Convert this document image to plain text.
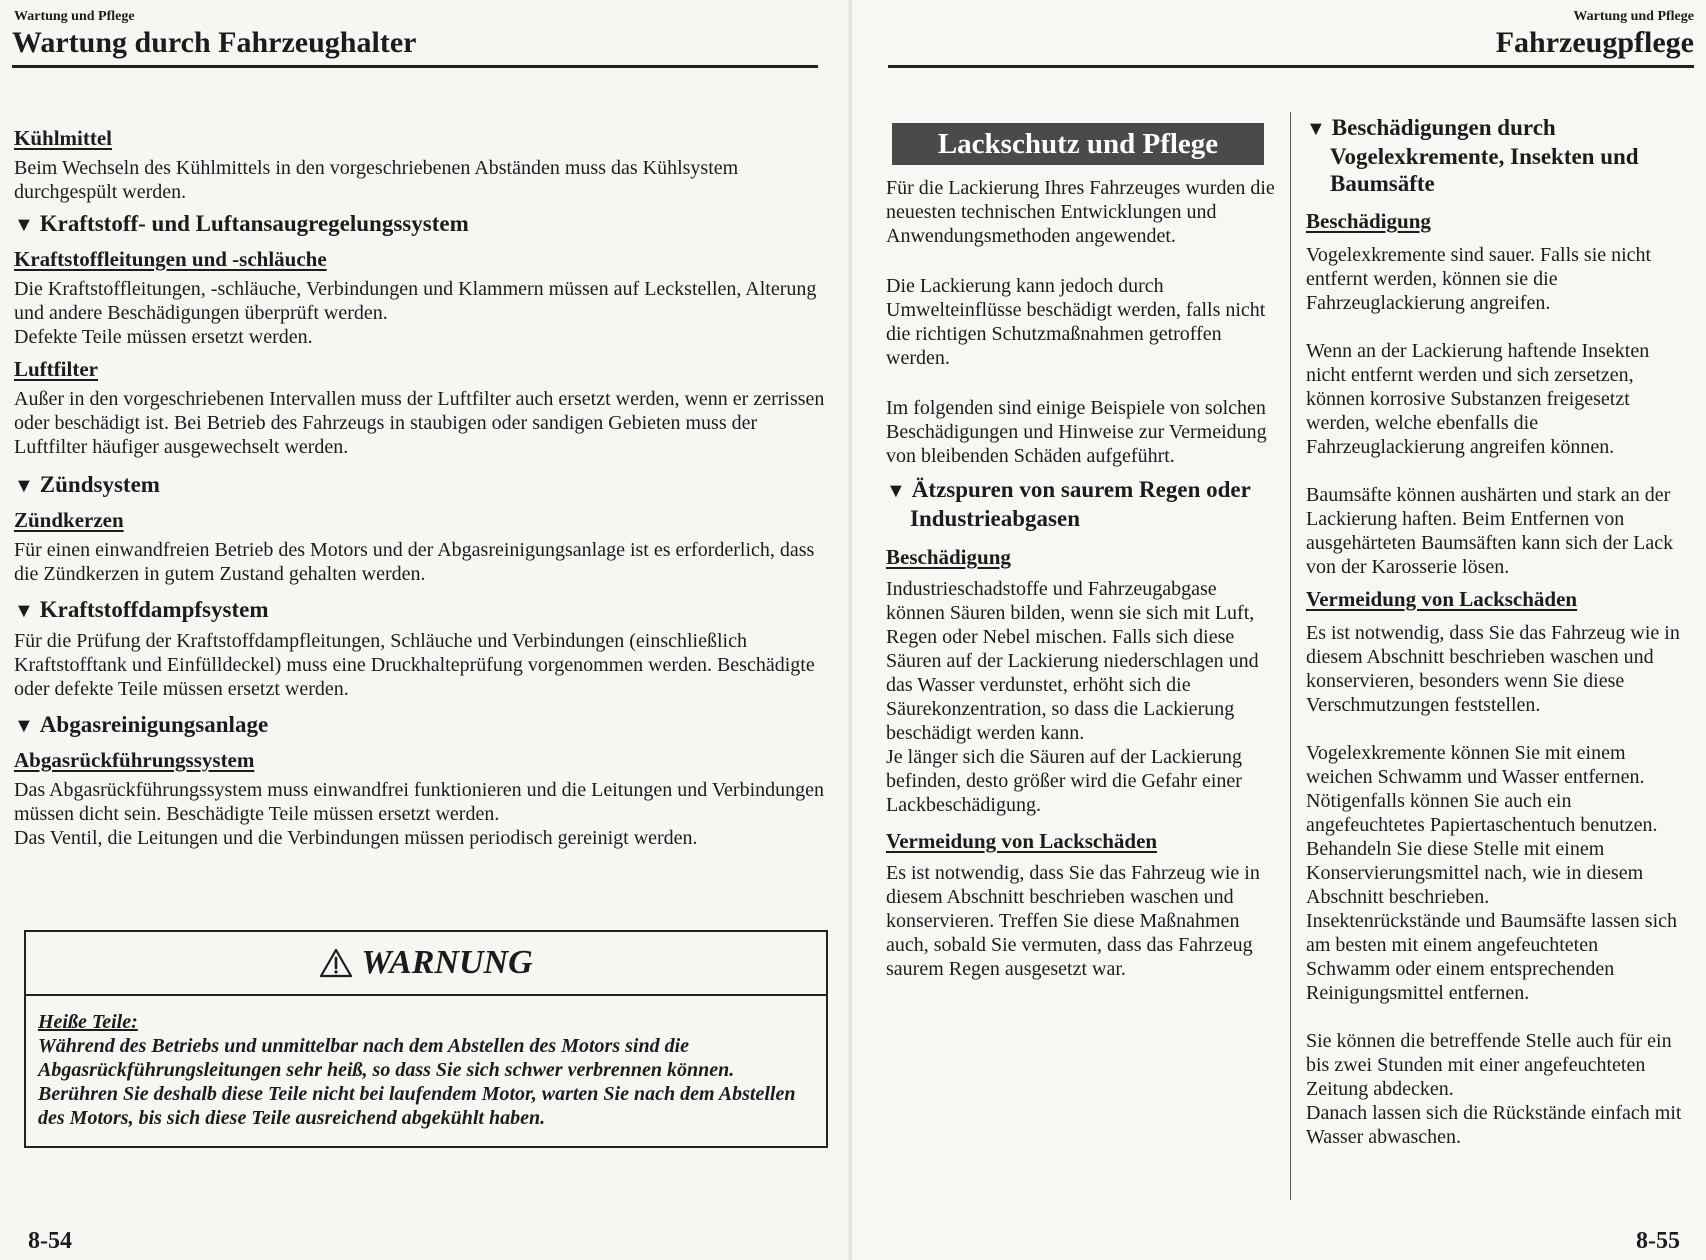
Wartung und Pflege
Wartung durch Fahrzeughalter
Kühlmittel
Beim Wechseln des Kühlmittels in den vorgeschriebenen Abständen muss das Kühlsystem durchgespült werden.
▼ Kraftstoff- und Luftansaugregelungssystem
Kraftstoffleitungen und -schläuche
Die Kraftstoffleitungen, -schläuche, Verbindungen und Klammern müssen auf Leckstellen, Alterung und andere Beschädigungen überprüft werden.
Defekte Teile müssen ersetzt werden.
Luftfilter
Außer in den vorgeschriebenen Intervallen muss der Luftfilter auch ersetzt werden, wenn er zerrissen oder beschädigt ist. Bei Betrieb des Fahrzeugs in staubigen oder sandigen Gebieten muss der Luftfilter häufiger ausgewechselt werden.
▼ Zündsystem
Zündkerzen
Für einen einwandfreien Betrieb des Motors und der Abgasreinigungsanlage ist es erforderlich, dass die Zündkerzen in gutem Zustand gehalten werden.
▼ Kraftstoffdampfsystem
Für die Prüfung der Kraftstoffdampfleitungen, Schläuche und Verbindungen (einschließlich Kraftstofftank und Einfülldeckel) muss eine Druckhalteprüfung vorgenommen werden. Beschädigte oder defekte Teile müssen ersetzt werden.
▼ Abgasreinigungsanlage
Abgasrückführungssystem
Das Abgasrückführungssystem muss einwandfrei funktionieren und die Leitungen und Verbindungen müssen dicht sein. Beschädigte Teile müssen ersetzt werden.
Das Ventil, die Leitungen und die Verbindungen müssen periodisch gereinigt werden.
WARNUNG
Heiße Teile:
Während des Betriebs und unmittelbar nach dem Abstellen des Motors sind die Abgasrückführungsleitungen sehr heiß, so dass Sie sich schwer verbrennen können. Berühren Sie deshalb diese Teile nicht bei laufendem Motor, warten Sie nach dem Abstellen des Motors, bis sich diese Teile ausreichend abgekühlt haben.
8-54
Wartung und Pflege
Fahrzeugpflege
Lackschutz und Pflege
Für die Lackierung Ihres Fahrzeuges wurden die neuesten technischen Entwicklungen und Anwendungsmethoden angewendet.
Die Lackierung kann jedoch durch Umwelteinflüsse beschädigt werden, falls nicht die richtigen Schutzmaßnahmen getroffen werden.
Im folgenden sind einige Beispiele von solchen Beschädigungen und Hinweise zur Vermeidung von bleibenden Schäden aufgeführt.
▼ Ätzspuren von saurem Regen oder Industrieabgasen
Beschädigung
Industrieschadstoffe und Fahrzeugabgase können Säuren bilden, wenn sie sich mit Luft, Regen oder Nebel mischen. Falls sich diese Säuren auf der Lackierung niederschlagen und das Wasser verdunstet, erhöht sich die Säurekonzentration, so dass die Lackierung beschädigt werden kann.
Je länger sich die Säuren auf der Lackierung befinden, desto größer wird die Gefahr einer Lackbeschädigung.
Vermeidung von Lackschäden
Es ist notwendig, dass Sie das Fahrzeug wie in diesem Abschnitt beschrieben waschen und konservieren. Treffen Sie diese Maßnahmen auch, sobald Sie vermuten, dass das Fahrzeug saurem Regen ausgesetzt war.
▼ Beschädigungen durch Vogelexkremente, Insekten und Baumsäfte
Beschädigung
Vogelexkremente sind sauer. Falls sie nicht entfernt werden, können sie die Fahrzeuglackierung angreifen.
Wenn an der Lackierung haftende Insekten nicht entfernt werden und sich zersetzen, können korrosive Substanzen freigesetzt werden, welche ebenfalls die Fahrzeuglackierung angreifen können.
Baumsäfte können aushärten und stark an der Lackierung haften. Beim Entfernen von ausgehärteten Baumsäften kann sich der Lack von der Karosserie lösen.
Vermeidung von Lackschäden
Es ist notwendig, dass Sie das Fahrzeug wie in diesem Abschnitt beschrieben waschen und konservieren, besonders wenn Sie diese Verschmutzungen feststellen.
Vogelexkremente können Sie mit einem weichen Schwamm und Wasser entfernen. Nötigenfalls können Sie auch ein angefeuchtetes Papiertaschentuch benutzen. Behandeln Sie diese Stelle mit einem Konservierungsmittel nach, wie in diesem Abschnitt beschrieben.
Insektenrückstände und Baumsäfte lassen sich am besten mit einem angefeuchteten Schwamm oder einem entsprechenden Reinigungsmittel entfernen.
Sie können die betreffende Stelle auch für ein bis zwei Stunden mit einer angefeuchteten Zeitung abdecken.
Danach lassen sich die Rückstände einfach mit Wasser abwaschen.
8-55
